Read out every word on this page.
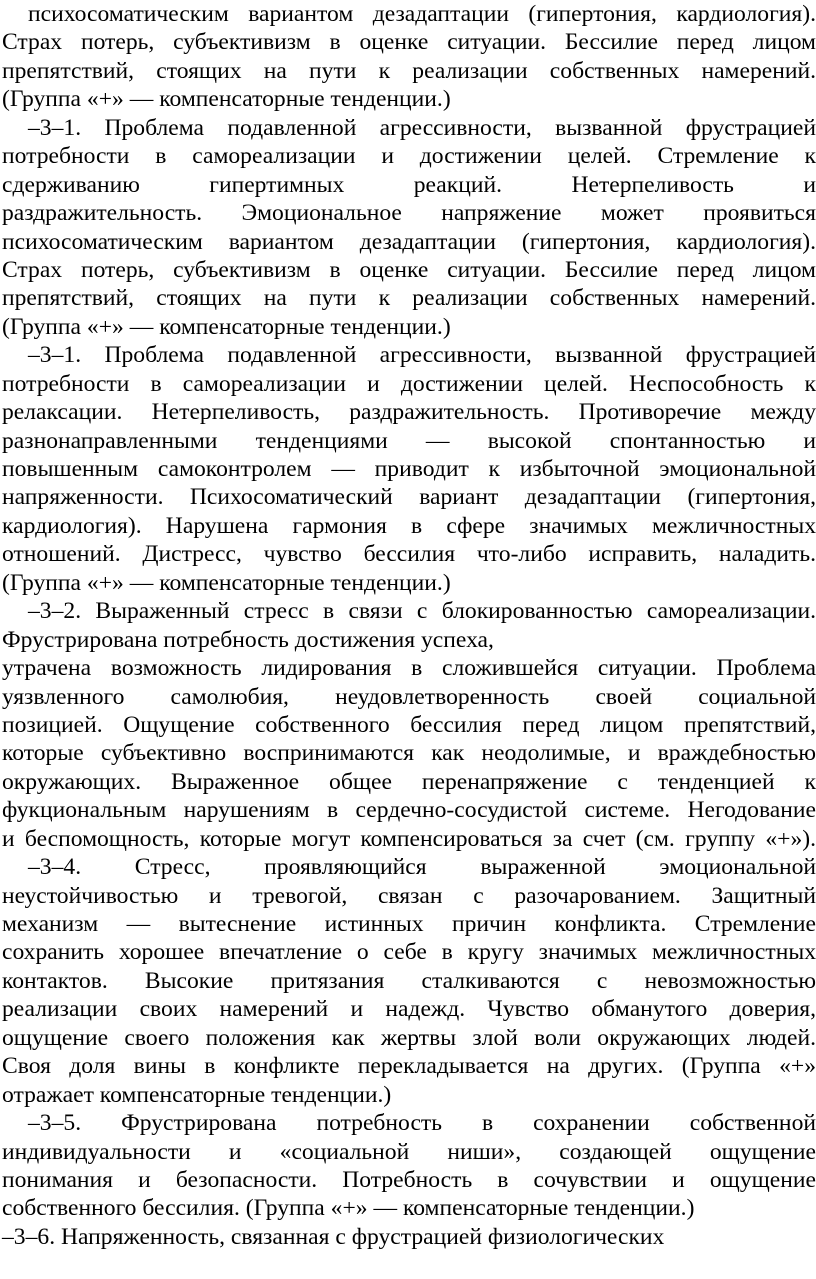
психосоматическим вариантом дезадаптации (гипертония, кардиология).
Страх потерь, субъективизм в оценке ситуации. Бессилие перед лицом
препятствий, стоящих на пути к реализации собственных намерений.
(Группа «+» — компенсаторные тенденции.)
–3–1. Проблема подавленной агрессивности, вызванной фрустрацией
потребности в самореализации и достижении целей. Стремление к
сдерживанию гипертимных реакций. Нетерпеливость и
раздражительность. Эмоциональное напряжение может проявиться
психосоматическим вариантом дезадаптации (гипертония, кардиология).
Страх потерь, субъективизм в оценке ситуации. Бессилие перед лицом
препятствий, стоящих на пути к реализации собственных намерений.
(Группа «+» — компенсаторные тенденции.)
–3–1. Проблема подавленной агрессивности, вызванной фрустрацией
потребности в самореализации и достижении целей. Неспособность к
релаксации. Нетерпеливость, раздражительность. Противоречие между
разнонаправленными тенденциями — высокой спонтанностью и
повышенным самоконтролем — приводит к избыточной эмоциональной
напряженности. Психосоматический вариант дезадаптации (гипертония,
кардиология). Нарушена гармония в сфере значимых межличностных
отношений. Дистресс, чувство бессилия что-либо исправить, наладить.
(Группа «+» — компенсаторные тенденции.)
–3–2. Выраженный стресс в связи с блокированностью самореализации.
Фрустрирована потребность достижения успеха,
утрачена возможность лидирования в сложившейся ситуации. Проблема
уязвленного самолюбия, неудовлетворенность своей социальной
позицией. Ощущение собственного бессилия перед лицом препятствий,
которые субъективно воспринимаются как неодолимые, и враждебностью
окружающих. Выраженное общее перенапряжение с тенденцией к
фукциональным нарушениям в сердечно-сосудистой системе. Негодование
и беспомощность, которые могут компенсироваться за счет (см. группу «+»).
–3–4. Стресс, проявляющийся выраженной эмоциональной
неустойчивостью и тревогой, связан с разочарованием. Защитный
механизм — вытеснение истинных причин конфликта. Стремление
сохранить хорошее впечатление о себе в кругу значимых межличностных
контактов. Высокие притязания сталкиваются с невозможностью
реализации своих намерений и надежд. Чувство обманутого доверия,
ощущение своего положения как жертвы злой воли окружающих людей.
Своя доля вины в конфликте перекладывается на других. (Группа «+»
отражает компенсаторные тенденции.)
–3–5. Фрустрирована потребность в сохранении собственной
индивидуальности и «социальной ниши», создающей ощущение
понимания и безопасности. Потребность в сочувствии и ощущение
собственного бессилия. (Группа «+» — компенсаторные тенденции.)
–3–6. Напряженность, связанная с фрустрацией физиологических
